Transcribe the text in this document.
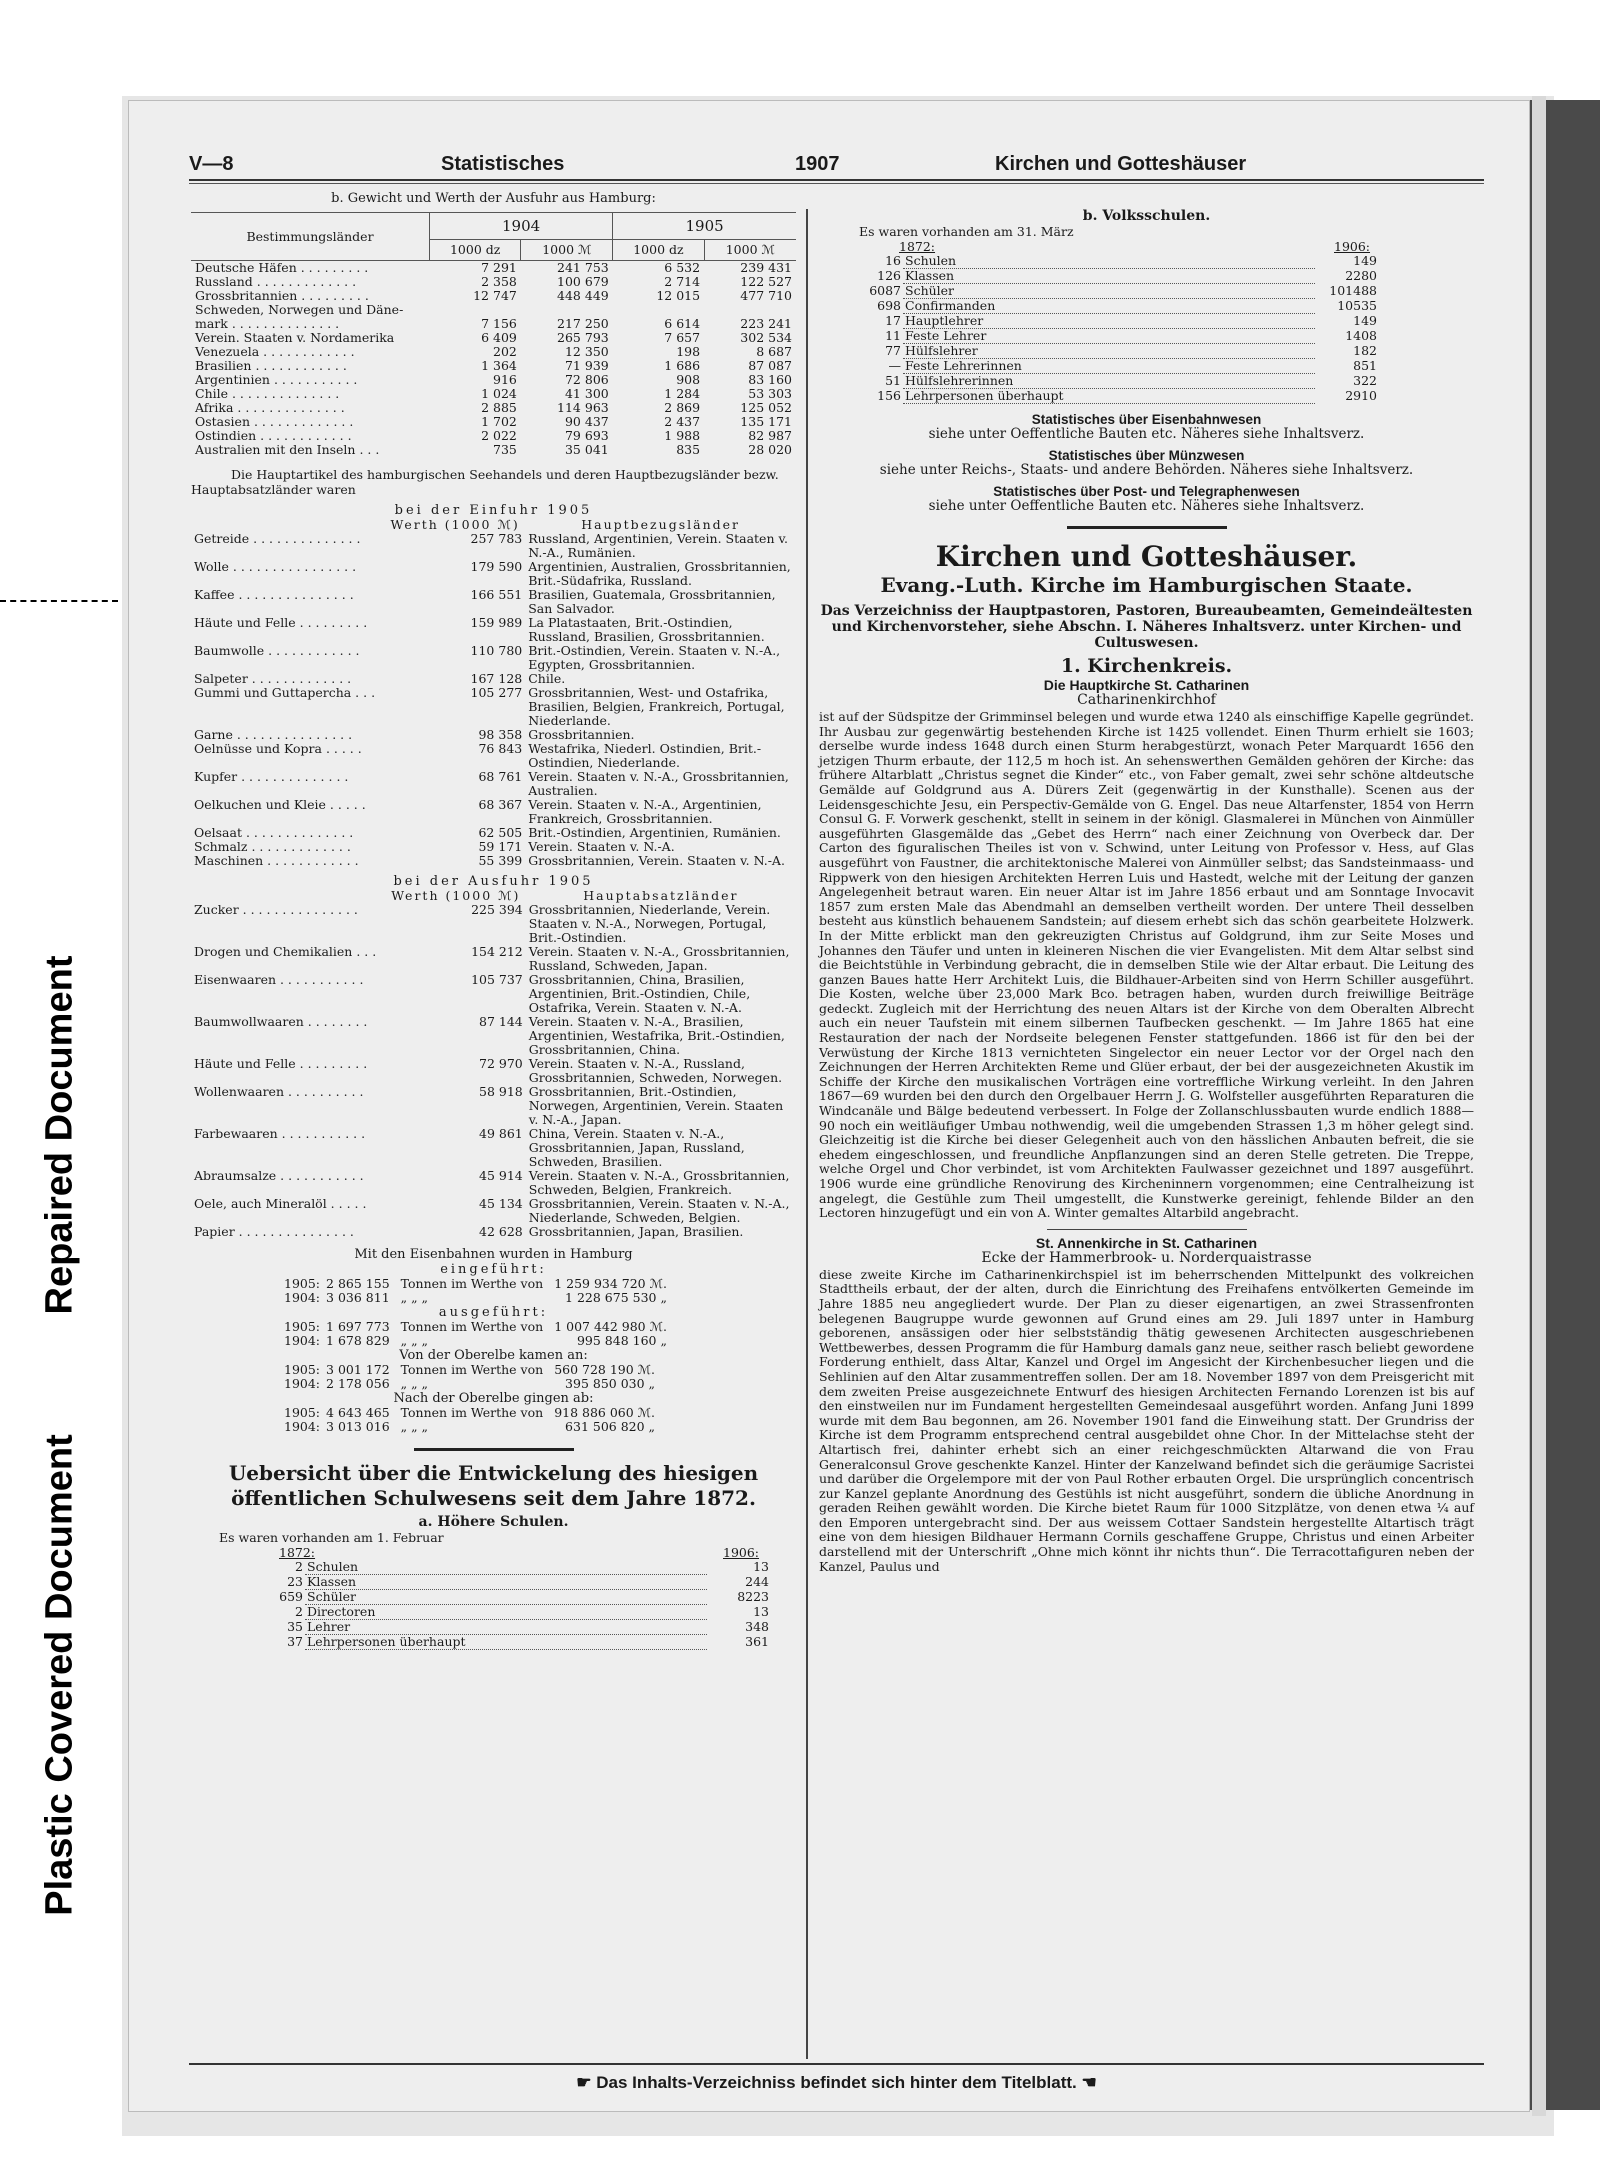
Repaired Document
Plastic Covered Document
V—8	Statistisches	1907	Kirchen und Gotteshäuser
b. Gewicht und Werth der Ausfuhr aus Hamburg:
Bestimmungsländer	1904		1905	
	1000 dz	1000 ℳ	1000 dz	1000 ℳ
Deutsche Häfen . . . . . . . . .	7 291	241 753	6 532	239 431
Russland . . . . . . . . . . . . .	2 358	100 679	2 714	122 527
Grossbritannien . . . . . . . . .	12 747	448 449	12 015	477 710
Schweden, Norwegen und Däne-				
mark . . . . . . . . . . . . . .	7 156	217 250	6 614	223 241
Verein. Staaten v. Nordamerika	6 409	265 793	7 657	302 534
Venezuela . . . . . . . . . . . .	202	12 350	198	8 687
Brasilien . . . . . . . . . . . .	1 364	71 939	1 686	87 087
Argentinien . . . . . . . . . . .	916	72 806	908	83 160
Chile . . . . . . . . . . . . . .	1 024	41 300	1 284	53 303
Afrika . . . . . . . . . . . . . .	2 885	114 963	2 869	125 052
Ostasien . . . . . . . . . . . . .	1 702	90 437	2 437	135 171
Ostindien . . . . . . . . . . . .	2 022	79 693	1 988	82 987
Australien mit den Inseln . . .	735	35 041	835	28 020
Die Hauptartikel des hamburgischen Seehandels und deren Hauptbezugsländer bezw. Hauptabsatzländer waren
bei der Einfuhr 1905
	Werth (1000 ℳ)	Hauptbezugsländer
Getreide . . . . . . . . . . . . . .	257 783	Russland, Argentinien, Verein. Staaten v. N.-A., Rumänien.
Wolle . . . . . . . . . . . . . . . .	179 590	Argentinien, Australien, Grossbritannien, Brit.-Südafrika, Russland.
Kaffee . . . . . . . . . . . . . . .	166 551	Brasilien, Guatemala, Grossbritannien, San Salvador.
Häute und Felle . . . . . . . . .	159 989	La Platastaaten, Brit.-Ostindien, Russland, Brasilien, Grossbritannien.
Baumwolle . . . . . . . . . . . .	110 780	Brit.-Ostindien, Verein. Staaten v. N.-A., Egypten, Grossbritannien.
Salpeter . . . . . . . . . . . . .	167 128	Chile.
Gummi und Guttapercha . . .	105 277	Grossbritannien, West- und Ostafrika, Brasilien, Belgien, Frankreich, Portugal, Niederlande.
Garne . . . . . . . . . . . . . . .	98 358	Grossbritannien.
Oelnüsse und Kopra . . . . .	76 843	Westafrika, Niederl. Ostindien, Brit.-Ostindien, Niederlande.
Kupfer . . . . . . . . . . . . . .	68 761	Verein. Staaten v. N.-A., Grossbritannien, Australien.
Oelkuchen und Kleie . . . . .	68 367	Verein. Staaten v. N.-A., Argentinien, Frankreich, Grossbritannien.
Oelsaat . . . . . . . . . . . . . .	62 505	Brit.-Ostindien, Argentinien, Rumänien.
Schmalz . . . . . . . . . . . . .	59 171	Verein. Staaten v. N.-A.
Maschinen . . . . . . . . . . . .	55 399	Grossbritannien, Verein. Staaten v. N.-A.
bei der Ausfuhr 1905
	Werth (1000 ℳ)	Hauptabsatzländer
Zucker . . . . . . . . . . . . . . .	225 394	Grossbritannien, Niederlande, Verein. Staaten v. N.-A., Norwegen, Portugal, Brit.-Ostindien.
Drogen und Chemikalien . . .	154 212	Verein. Staaten v. N.-A., Grossbritannien, Russland, Schweden, Japan.
Eisenwaaren . . . . . . . . . . .	105 737	Grossbritannien, China, Brasilien, Argentinien, Brit.-Ostindien, Chile, Ostafrika, Verein. Staaten v. N.-A.
Baumwollwaaren . . . . . . . .	87 144	Verein. Staaten v. N.-A., Brasilien, Argentinien, Westafrika, Brit.-Ostindien, Grossbritannien, China.
Häute und Felle . . . . . . . . .	72 970	Verein. Staaten v. N.-A., Russland, Grossbritannien, Schweden, Norwegen.
Wollenwaaren . . . . . . . . . .	58 918	Grossbritannien, Brit.-Ostindien, Norwegen, Argentinien, Verein. Staaten v. N.-A., Japan.
Farbewaaren . . . . . . . . . . .	49 861	China, Verein. Staaten v. N.-A., Grossbritannien, Japan, Russland, Schweden, Brasilien.
Abraumsalze . . . . . . . . . . .	45 914	Verein. Staaten v. N.-A., Grossbritannien, Schweden, Belgien, Frankreich.
Oele, auch Mineralöl . . . . .	45 134	Grossbritannien, Verein. Staaten v. N.-A., Niederlande, Schweden, Belgien.
Papier . . . . . . . . . . . . . . .	42 628	Grossbritannien, Japan, Brasilien.
Mit den Eisenbahnen wurden in Hamburg
eingeführt:
1905:	2 865 155	Tonnen im Werthe von	1 259 934 720 ℳ.
1904:	3 036 811	„ „ „	1 228 675 530 „
ausgeführt:
1905:	1 697 773	Tonnen im Werthe von	1 007 442 980 ℳ.
1904:	1 678 829	„ „ „	995 848 160 „
Von der Oberelbe kamen an:
1905:	3 001 172	Tonnen im Werthe von	560 728 190 ℳ.
1904:	2 178 056	„ „ „	395 850 030 „
Nach der Oberelbe gingen ab:
1905:	4 643 465	Tonnen im Werthe von	918 886 060 ℳ.
1904:	3 013 016	„ „ „	631 506 820 „
Uebersicht über die Entwickelung des hiesigen öffentlichen Schulwesens seit dem Jahre 1872.
a. Höhere Schulen.
Es waren vorhanden am 1. Februar
1872:	1906:
2	Schulen	13
23	Klassen	244
659	Schüler	8223
2	Directoren	13
35	Lehrer	348
37	Lehrpersonen überhaupt	361
b. Volksschulen.
Es waren vorhanden am 31. März
1872:	1906:
16	Schulen	149
126	Klassen	2280
6087	Schüler	101488
698	Confirmanden	10535
17	Hauptlehrer	149
11	Feste Lehrer	1408
77	Hülfslehrer	182
—	Feste Lehrerinnen	851
51	Hülfslehrerinnen	322
156	Lehrpersonen überhaupt	2910
Statistisches über Eisenbahnwesen
siehe unter Oeffentliche Bauten etc. Näheres siehe Inhaltsverz.
Statistisches über Münzwesen
siehe unter Reichs-, Staats- und andere Behörden. Näheres siehe Inhaltsverz.
Statistisches über Post- und Telegraphenwesen
siehe unter Oeffentliche Bauten etc. Näheres siehe Inhaltsverz.
Kirchen und Gotteshäuser.
Evang.-Luth. Kirche im Hamburgischen Staate.
Das Verzeichniss der Hauptpastoren, Pastoren, Bureaubeamten, Gemeindeältesten und Kirchenvorsteher, siehe Abschn. I. Näheres Inhaltsverz. unter Kirchen- und Cultuswesen.
1. Kirchenkreis.
Die Hauptkirche St. Catharinen
Catharinenkirchhof
ist auf der Südspitze der Grimminsel belegen und wurde etwa 1240 als einschiffige Kapelle gegründet. Ihr Ausbau zur gegenwärtig bestehenden Kirche ist 1425 vollendet. Einen Thurm erhielt sie 1603; derselbe wurde indess 1648 durch einen Sturm herabgestürzt, wonach Peter Marquardt 1656 den jetzigen Thurm erbaute, der 112,5 m hoch ist. An sehenswerthen Gemälden gehören der Kirche: das frühere Altarblatt „Christus segnet die Kinder“ etc., von Faber gemalt, zwei sehr schöne altdeutsche Gemälde auf Goldgrund aus A. Dürers Zeit (gegenwärtig in der Kunsthalle). Scenen aus der Leidensgeschichte Jesu, ein Perspectiv-Gemälde von G. Engel. Das neue Altarfenster, 1854 von Herrn Consul G. F. Vorwerk geschenkt, stellt in seinem in der königl. Glasmalerei in München von Ainmüller ausgeführten Glasgemälde das „Gebet des Herrn“ nach einer Zeichnung von Overbeck dar. Der Carton des figuralischen Theiles ist von v. Schwind, unter Leitung von Professor v. Hess, auf Glas ausgeführt von Faustner, die architektonische Malerei von Ainmüller selbst; das Sandsteinmaass- und Rippwerk von den hiesigen Architekten Herren Luis und Hastedt, welche mit der Leitung der ganzen Angelegenheit betraut waren. Ein neuer Altar ist im Jahre 1856 erbaut und am Sonntage Invocavit 1857 zum ersten Male das Abendmahl an demselben vertheilt worden. Der untere Theil desselben besteht aus künstlich behauenem Sandstein; auf diesem erhebt sich das schön gearbeitete Holzwerk. In der Mitte erblickt man den gekreuzigten Christus auf Goldgrund, ihm zur Seite Moses und Johannes den Täufer und unten in kleineren Nischen die vier Evangelisten. Mit dem Altar selbst sind die Beichtstühle in Verbindung gebracht, die in demselben Stile wie der Altar erbaut. Die Leitung des ganzen Baues hatte Herr Architekt Luis, die Bildhauer-Arbeiten sind von Herrn Schiller ausgeführt. Die Kosten, welche über 23,000 Mark Bco. betragen haben, wurden durch freiwillige Beiträge gedeckt. Zugleich mit der Herrichtung des neuen Altars ist der Kirche von dem Oberalten Albrecht auch ein neuer Taufstein mit einem silbernen Taufbecken geschenkt. — Im Jahre 1865 hat eine Restauration der nach der Nordseite belegenen Fenster stattgefunden. 1866 ist für den bei der Verwüstung der Kirche 1813 vernichteten Singelector ein neuer Lector vor der Orgel nach den Zeichnungen der Herren Architekten Reme und Glüer erbaut, der bei der ausgezeichneten Akustik im Schiffe der Kirche den musikalischen Vorträgen eine vortreffliche Wirkung verleiht. In den Jahren 1867—69 wurden bei den durch den Orgelbauer Herrn J. G. Wolfsteller ausgeführten Reparaturen die Windcanäle und Bälge bedeutend verbessert. In Folge der Zollanschlussbauten wurde endlich 1888—90 noch ein weitläufiger Umbau nothwendig, weil die umgebenden Strassen 1,3 m höher gelegt sind. Gleichzeitig ist die Kirche bei dieser Gelegenheit auch von den hässlichen Anbauten befreit, die sie ehedem eingeschlossen, und freundliche Anpflanzungen sind an deren Stelle getreten. Die Treppe, welche Orgel und Chor verbindet, ist vom Architekten Faulwasser gezeichnet und 1897 ausgeführt. 1906 wurde eine gründliche Renovirung des Kircheninnern vorgenommen; eine Centralheizung ist angelegt, die Gestühle zum Theil umgestellt, die Kunstwerke gereinigt, fehlende Bilder an den Lectoren hinzugefügt und ein von A. Winter gemaltes Altarbild angebracht.
St. Annenkirche in St. Catharinen
Ecke der Hammerbrook- u. Norderquaistrasse
diese zweite Kirche im Catharinenkirchspiel ist im beherrschenden Mittelpunkt des volkreichen Stadttheils erbaut, der der alten, durch die Einrichtung des Freihafens entvölkerten Gemeinde im Jahre 1885 neu angegliedert wurde. Der Plan zu dieser eigenartigen, an zwei Strassenfronten belegenen Baugruppe wurde gewonnen auf Grund eines am 29. Juli 1897 unter in Hamburg geborenen, ansässigen oder hier selbstständig thätig gewesenen Architecten ausgeschriebenen Wettbewerbes, dessen Programm die für Hamburg damals ganz neue, seither rasch beliebt gewordene Forderung enthielt, dass Altar, Kanzel und Orgel im Angesicht der Kirchenbesucher liegen und die Sehlinien auf den Altar zusammentreffen sollen. Der am 18. November 1897 von dem Preisgericht mit dem zweiten Preise ausgezeichnete Entwurf des hiesigen Architecten Fernando Lorenzen ist bis auf den einstweilen nur im Fundament hergestellten Gemeindesaal ausgeführt worden. Anfang Juni 1899 wurde mit dem Bau begonnen, am 26. November 1901 fand die Einweihung statt. Der Grundriss der Kirche ist dem Programm entsprechend central ausgebildet ohne Chor. In der Mittelachse steht der Altartisch frei, dahinter erhebt sich an einer reichgeschmückten Altarwand die von Frau Generalconsul Grove geschenkte Kanzel. Hinter der Kanzelwand befindet sich die geräumige Sacristei und darüber die Orgelempore mit der von Paul Rother erbauten Orgel. Die ursprünglich concentrisch zur Kanzel geplante Anordnung des Gestühls ist nicht ausgeführt, sondern die übliche Anordnung in geraden Reihen gewählt worden. Die Kirche bietet Raum für 1000 Sitzplätze, von denen etwa ¼ auf den Emporen untergebracht sind. Der aus weissem Cottaer Sandstein hergestellte Altartisch trägt eine von dem hiesigen Bildhauer Hermann Cornils geschaffene Gruppe, Christus und einen Arbeiter darstellend mit der Unterschrift „Ohne mich könnt ihr nichts thun“. Die Terracottafiguren neben der Kanzel, Paulus und
☛ Das Inhalts-Verzeichniss befindet sich hinter dem Titelblatt. ☚
